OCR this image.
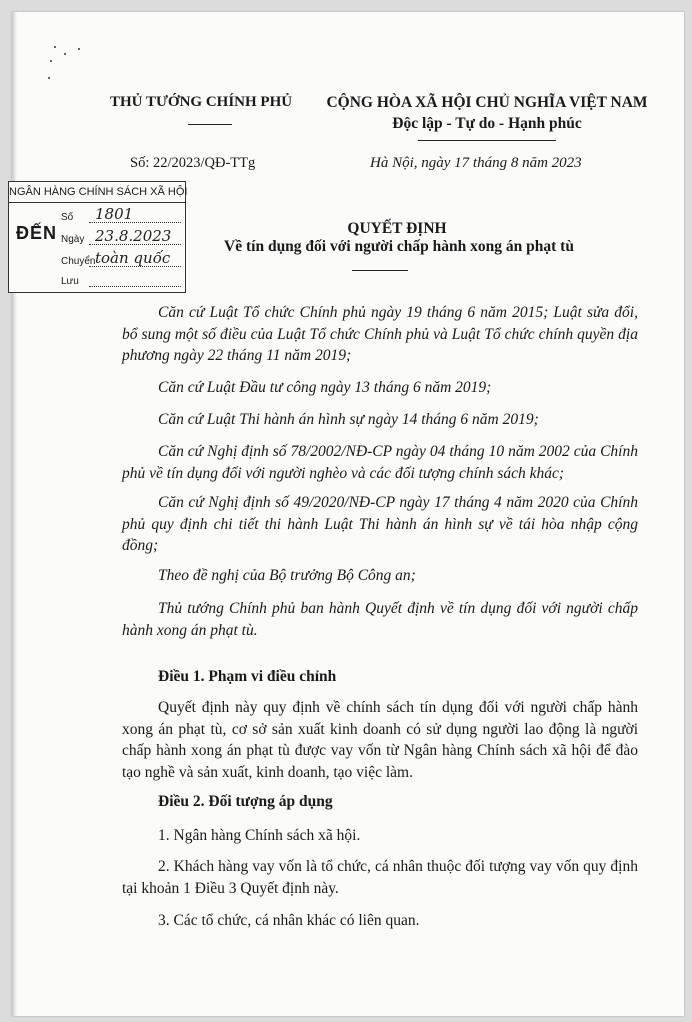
THỦ TƯỚNG CHÍNH PHỦ CỘNG HÒA XÃ HỘI CHỦ NGHĨA VIỆT NAM
Độc lập - Tự do - Hạnh phúc
Số: 22/2023/QĐ-TTg	Hà Nội, ngày 17 tháng 8 năm 2023
NGÂN HÀNG CHÍNH SÁCH XÃ HỘI
ĐẾN
Số 1801
Ngày 23.8.2023
Chuyển toàn quốc
Lưu
QUYẾT ĐỊNH
Về tín dụng đối với người chấp hành xong án phạt tù
Căn cứ Luật Tổ chức Chính phủ ngày 19 tháng 6 năm 2015; Luật sửa đổi, bổ sung một số điều của Luật Tổ chức Chính phủ và Luật Tổ chức chính quyền địa phương ngày 22 tháng 11 năm 2019;
Căn cứ Luật Đầu tư công ngày 13 tháng 6 năm 2019;
Căn cứ Luật Thi hành án hình sự ngày 14 tháng 6 năm 2019;
Căn cứ Nghị định số 78/2002/NĐ-CP ngày 04 tháng 10 năm 2002 của Chính phủ về tín dụng đối với người nghèo và các đối tượng chính sách khác;
Căn cứ Nghị định số 49/2020/NĐ-CP ngày 17 tháng 4 năm 2020 của Chính phủ quy định chi tiết thi hành Luật Thi hành án hình sự về tái hòa nhập cộng đồng;
Theo đề nghị của Bộ trưởng Bộ Công an;
Thủ tướng Chính phủ ban hành Quyết định về tín dụng đối với người chấp hành xong án phạt tù.
Điều 1. Phạm vi điều chỉnh
Quyết định này quy định về chính sách tín dụng đối với người chấp hành xong án phạt tù, cơ sở sản xuất kinh doanh có sử dụng người lao động là người chấp hành xong án phạt tù được vay vốn từ Ngân hàng Chính sách xã hội để đào tạo nghề và sản xuất, kinh doanh, tạo việc làm.
Điều 2. Đối tượng áp dụng
1. Ngân hàng Chính sách xã hội.
2. Khách hàng vay vốn là tổ chức, cá nhân thuộc đối tượng vay vốn quy định tại khoản 1 Điều 3 Quyết định này.
3. Các tổ chức, cá nhân khác có liên quan.
